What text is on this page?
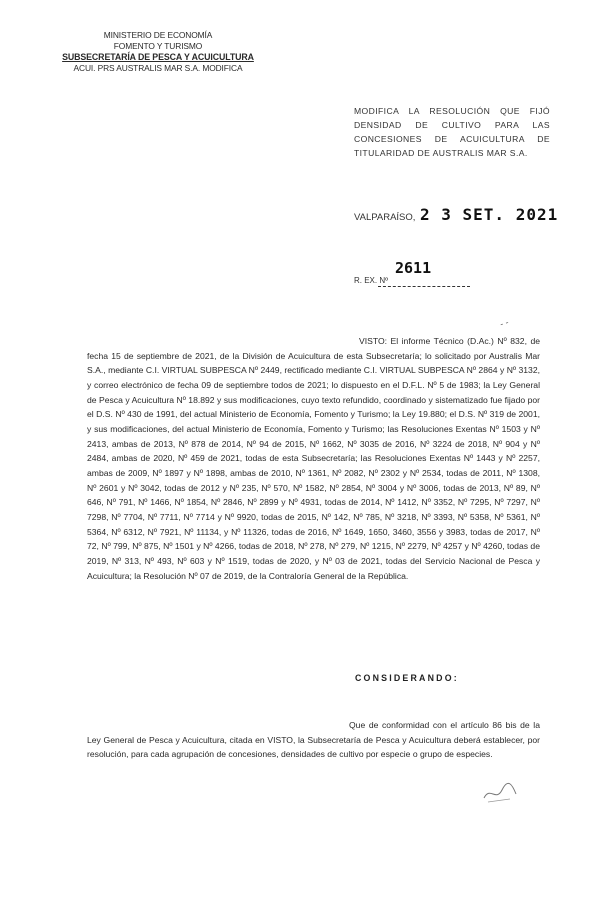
MINISTERIO DE ECONOMÍA
FOMENTO Y TURISMO
SUBSECRETARÍA DE PESCA Y ACUICULTURA
ACUI. PRS AUSTRALIS MAR S.A. MODIFICA
MODIFICA LA RESOLUCIÓN QUE FIJÓ DENSIDAD DE CULTIVO PARA LAS CONCESIONES DE ACUICULTURA DE TITULARIDAD DE AUSTRALIS MAR S.A.
VALPARAÍSO, 2 3 SET. 2021
2611
R. EX. Nº
- -
VISTO: El informe Técnico (D.Ac.) Nº 832, de fecha 15 de septiembre de 2021, de la División de Acuicultura de esta Subsecretaría; lo solicitado por Australis Mar S.A., mediante C.I. VIRTUAL SUBPESCA Nº 2449, rectificado mediante C.I. VIRTUAL SUBPESCA Nº 2864 y Nº 3132, y correo electrónico de fecha 09 de septiembre todos de 2021; lo dispuesto en el D.F.L. Nº 5 de 1983; la Ley General de Pesca y Acuicultura Nº 18.892 y sus modificaciones, cuyo texto refundido, coordinado y sistematizado fue fijado por el D.S. Nº 430 de 1991, del actual Ministerio de Economía, Fomento y Turismo; la Ley 19.880; el D.S. Nº 319 de 2001, y sus modificaciones, del actual Ministerio de Economía, Fomento y Turismo; las Resoluciones Exentas Nº 1503 y Nº 2413, ambas de 2013, Nº 878 de 2014, Nº 94 de 2015, Nº 1662, Nº 3035 de 2016, Nº 3224 de 2018, Nº 904 y Nº 2484, ambas de 2020, Nº 459 de 2021, todas de esta Subsecretaría; las Resoluciones Exentas Nº 1443 y Nº 2257, ambas de 2009, Nº 1897 y Nº 1898, ambas de 2010, Nº 1361, Nº 2082, Nº 2302 y Nº 2534, todas de 2011, Nº 1308, Nº 2601 y Nº 3042, todas de 2012 y Nº 235, Nº 570, Nº 1582, Nº 2854, Nº 3004 y Nº 3006, todas de 2013, Nº 89, Nº 646, Nº 791, Nº 1466, Nº 1854, Nº 2846, Nº 2899 y Nº 4931, todas de 2014, Nº 1412, Nº 3352, Nº 7295, Nº 7297, Nº 7298, Nº 7704, Nº 7711, Nº 7714 y Nº 9920, todas de 2015, Nº 142, Nº 785, Nº 3218, Nº 3393, Nº 5358, Nº 5361, Nº 5364, Nº 6312, Nº 7921, Nº 11134, y Nº 11326, todas de 2016, Nº 1649, 1650, 3460, 3556 y 3983, todas de 2017, Nº 72, Nº 799, Nº 875, Nº 1501 y Nº 4266, todas de 2018, Nº 278, Nº 279, Nº 1215, Nº 2279, Nº 4257 y Nº 4260, todas de 2019, Nº 313, Nº 493, Nº 603 y Nº 1519, todas de 2020, y Nº 03 de 2021, todas del Servicio Nacional de Pesca y Acuicultura; la Resolución Nº 07 de 2019, de la Contraloría General de la República.
CONSIDERANDO:
Que de conformidad con el artículo 86 bis de la Ley General de Pesca y Acuicultura, citada en VISTO, la Subsecretaría de Pesca y Acuicultura deberá establecer, por resolución, para cada agrupación de concesiones, densidades de cultivo por especie o grupo de especies.
